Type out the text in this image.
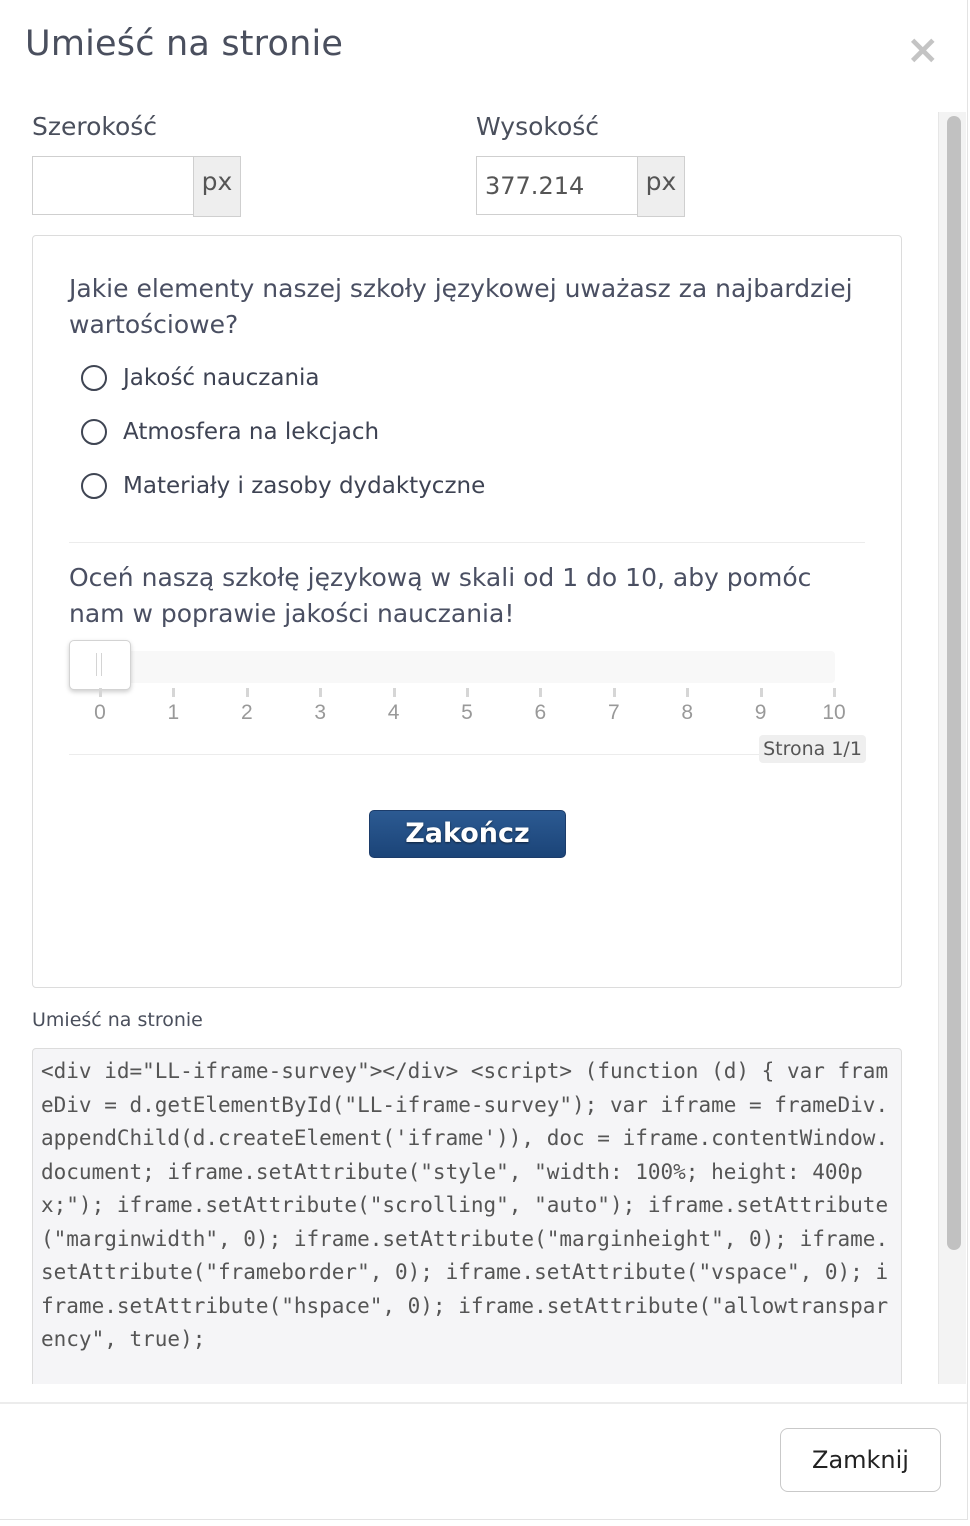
Umieść na stronie	×
Szerokość
px
Wysokość
377.214
px
Jakie elementy naszej szkoły językowej uważasz za najbardziej wartościowe?
Jakość nauczania
Atmosfera na lekcjach
Materiały i zasoby dydaktyczne
Oceń naszą szkołę językową w skali od 1 do 10, aby pomóc nam w poprawie jakości nauczania!
0	1	2	3	4	5	6	7	8	9	10
Strona 1/1
Zakończ
Umieść na stronie
<div id="LL-iframe-survey"></div> <script> (function (d) { var frameDiv = d.getElementById("LL-iframe-survey"); var iframe = frameDiv.appendChild(d.createElement('iframe')), doc = iframe.contentWindow.document; iframe.setAttribute("style", "width: 100%; height: 400px;"); iframe.setAttribute("scrolling", "auto"); iframe.setAttribute("marginwidth", 0); iframe.setAttribute("marginheight", 0); iframe.setAttribute("frameborder", 0); iframe.setAttribute("vspace", 0); iframe.setAttribute("hspace", 0); iframe.setAttribute("allowtransparency", true);
Zamknij
